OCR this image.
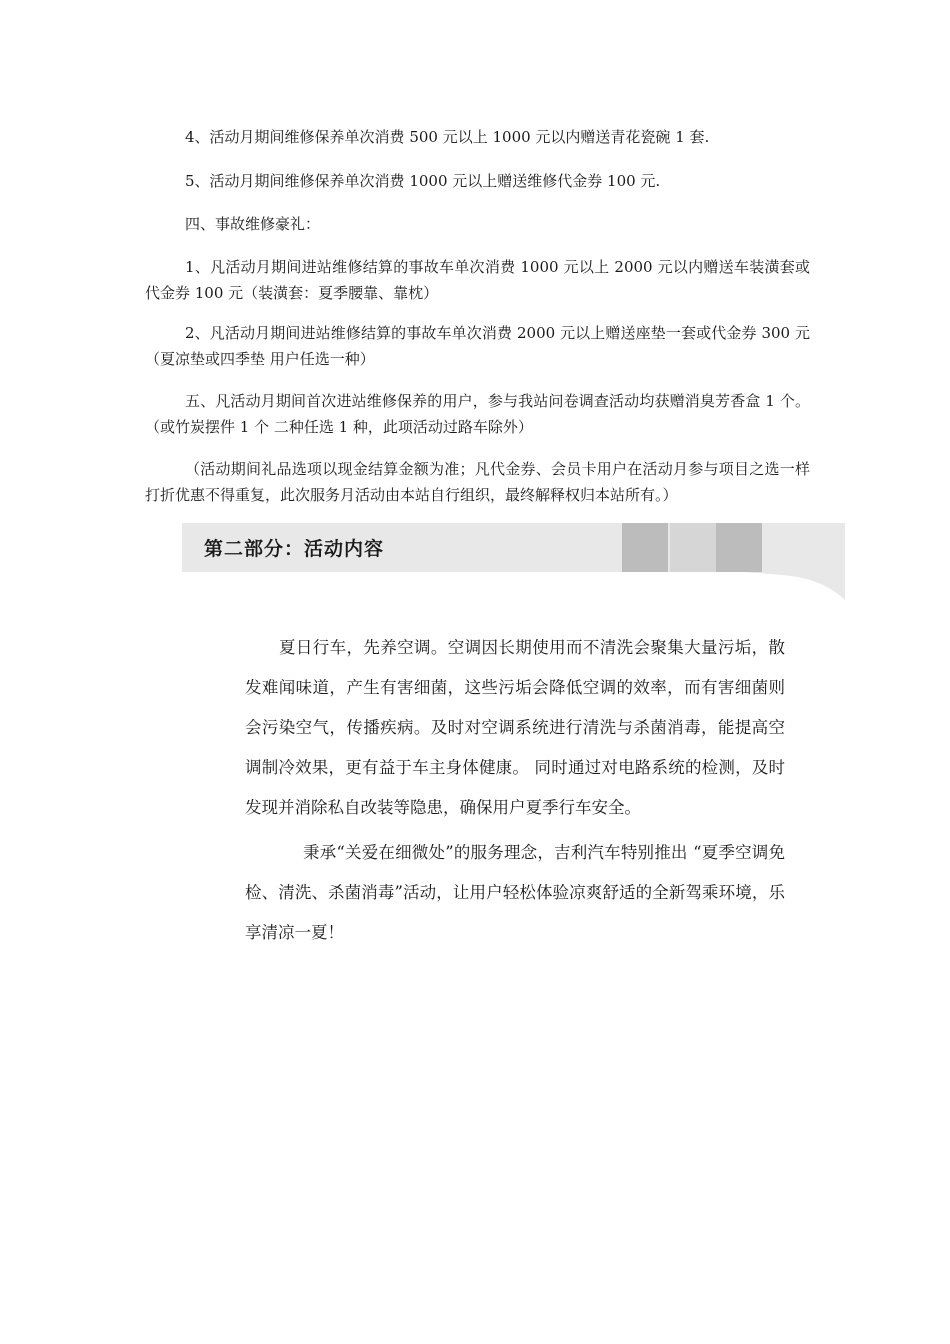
4、活动月期间维修保养单次消费 500 元以上 1000 元以内赠送青花瓷碗 1 套.

5、活动月期间维修保养单次消费 1000 元以上赠送维修代金券 100 元.

四、事故维修豪礼：

1、凡活动月期间进站维修结算的事故车单次消费 1000 元以上 2000 元以内赠送车装潢套或代金券 100 元（装潢套：夏季腰靠、靠枕）

2、凡活动月期间进站维修结算的事故车单次消费 2000 元以上赠送座垫一套或代金券 300 元（夏凉垫或四季垫 用户任选一种）

五、凡活动月期间首次进站维修保养的用户，参与我站问卷调查活动均获赠消臭芳香盒 1 个。（或竹炭摆件 1 个 二种任选 1 种，此项活动过路车除外）

（活动期间礼品选项以现金结算金额为准；凡代金券、会员卡用户在活动月参与项目之选一样打折优惠不得重复，此次服务月活动由本站自行组织，最终解释权归本站所有。）

第二部分：活动内容

夏日行车，先养空调。空调因长期使用而不清洗会聚集大量污垢，散发难闻味道，产生有害细菌，这些污垢会降低空调的效率，而有害细菌则会污染空气，传播疾病。及时对空调系统进行清洗与杀菌消毒，能提高空调制冷效果，更有益于车主身体健康。 同时通过对电路系统的检测，及时发现并消除私自改装等隐患，确保用户夏季行车安全。

秉承“关爱在细微处”的服务理念，吉利汽车特别推出 “夏季空调免检、清洗、杀菌消毒”活动，让用户轻松体验凉爽舒适的全新驾乘环境，乐享清凉一夏！
